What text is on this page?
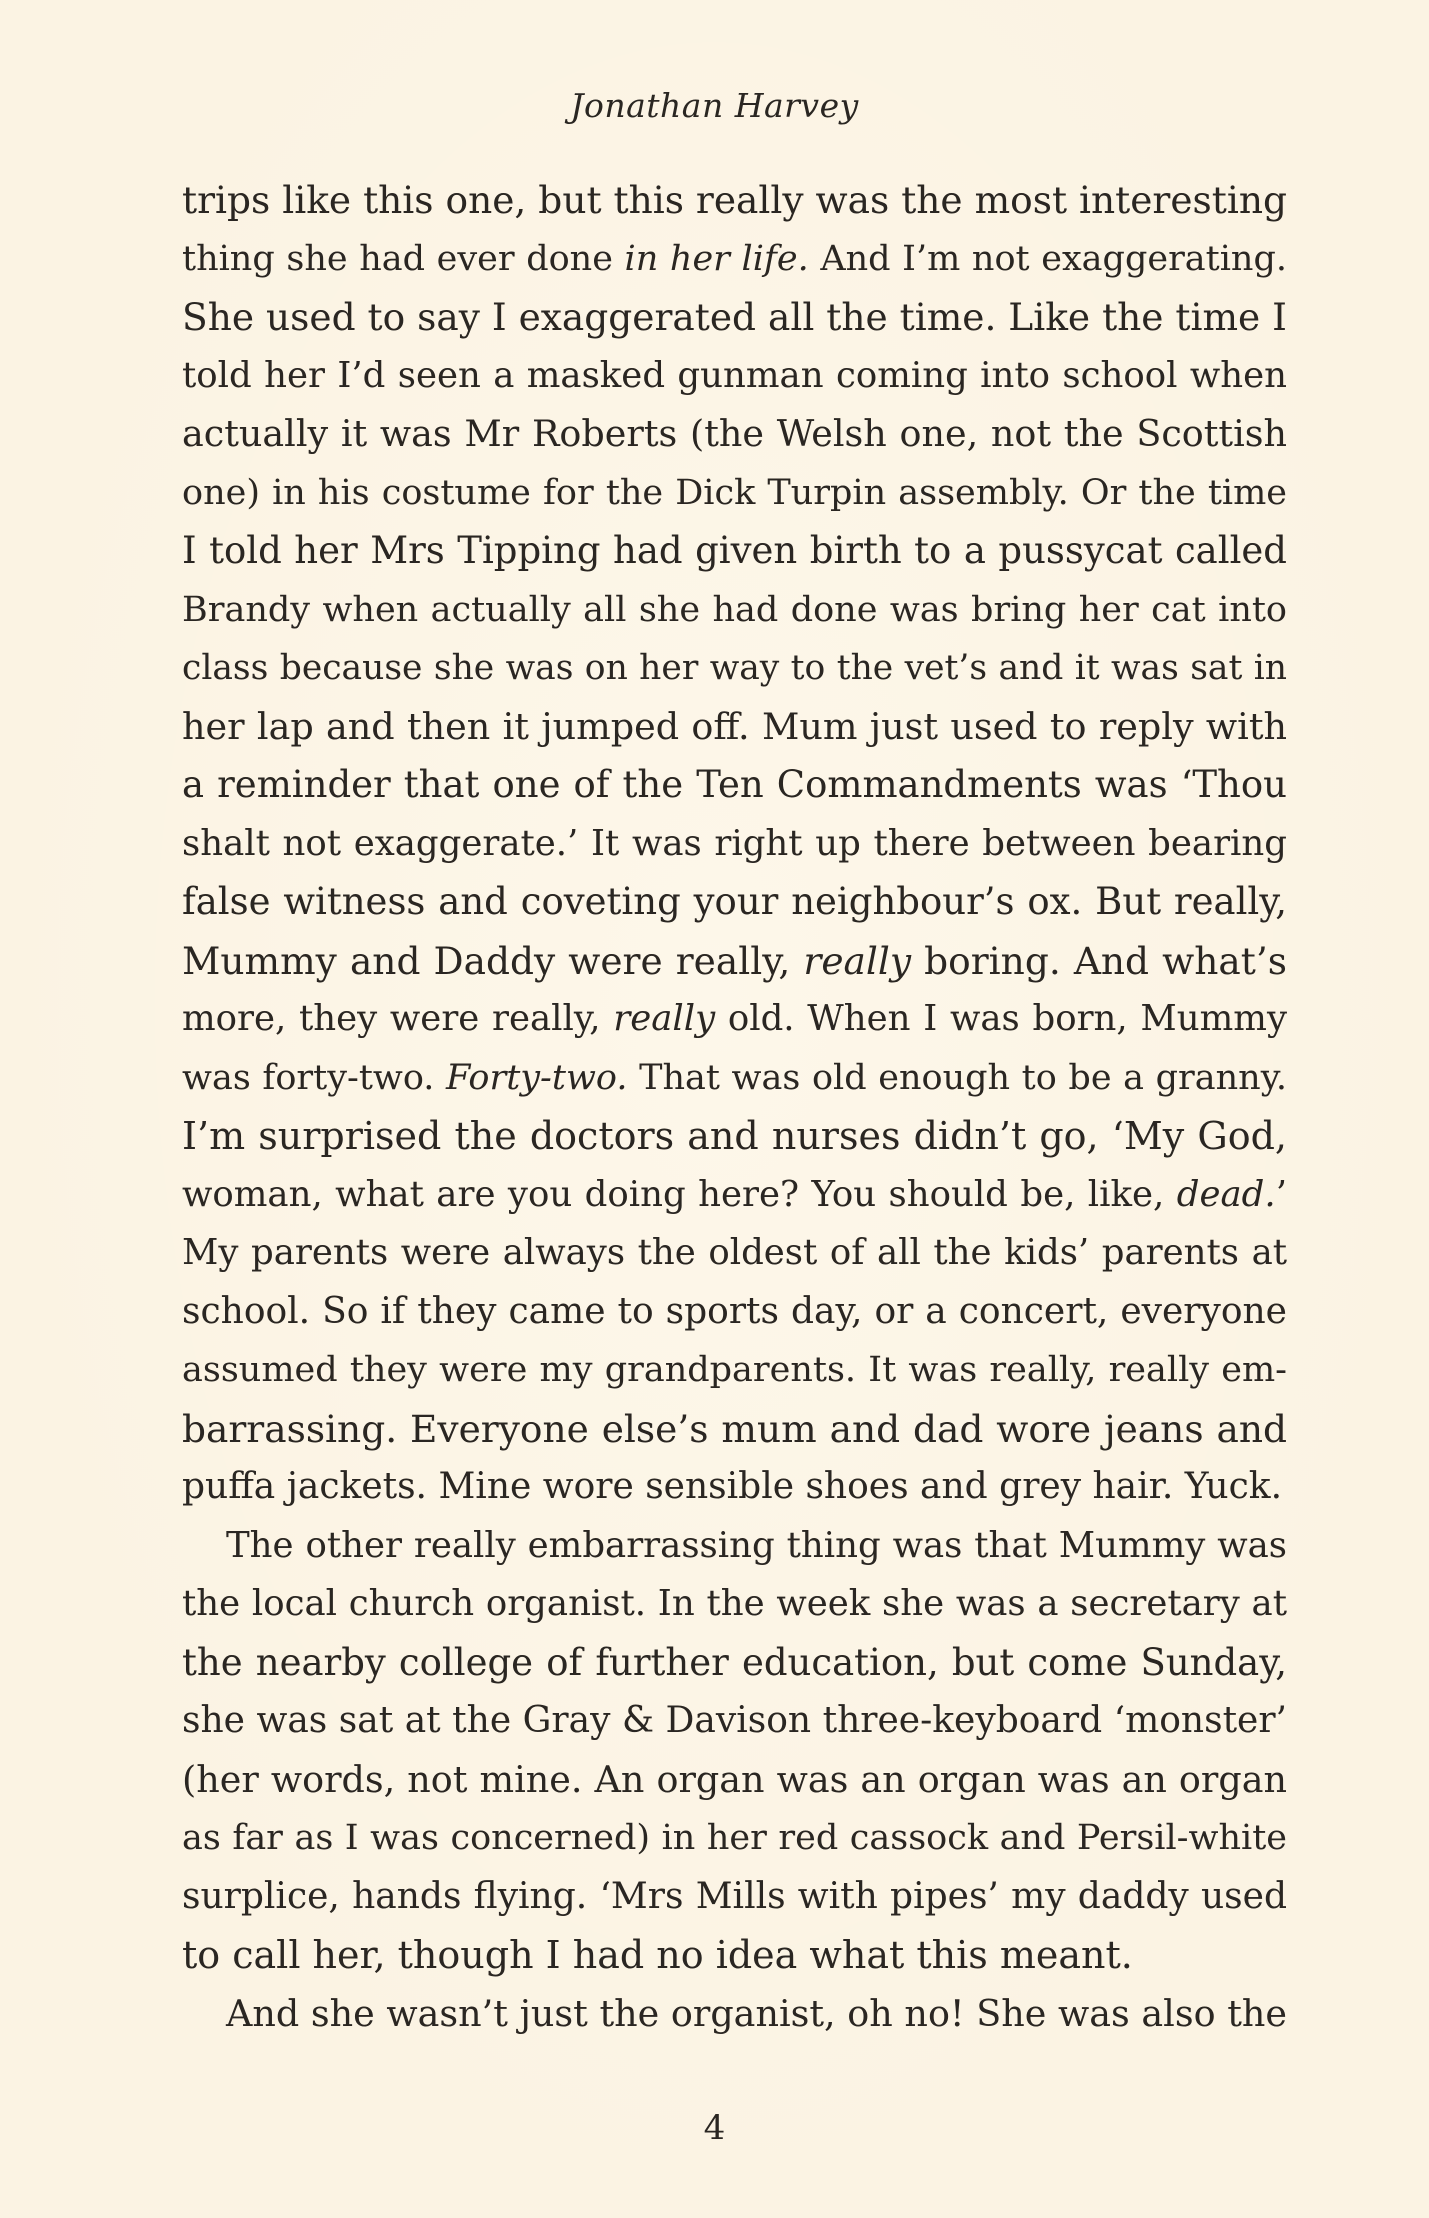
Jonathan Harvey
trips like this one, but this really was the most interesting
thing she had ever done in her life. And I’m not exaggerating.
She used to say I exaggerated all the time. Like the time I
told her I’d seen a masked gunman coming into school when
actually it was Mr Roberts (the Welsh one, not the Scottish
one) in his costume for the Dick Turpin assembly. Or the time
I told her Mrs Tipping had given birth to a pussycat called
Brandy when actually all she had done was bring her cat into
class because she was on her way to the vet’s and it was sat in
her lap and then it jumped off. Mum just used to reply with
a reminder that one of the Ten Commandments was ‘Thou
shalt not exaggerate.’ It was right up there between bearing
false witness and coveting your neighbour’s ox. But really,
Mummy and Daddy were really, really boring. And what’s
more, they were really, really old. When I was born, Mummy
was forty-two. Forty-two. That was old enough to be a granny.
I’m surprised the doctors and nurses didn’t go, ‘My God,
woman, what are you doing here? You should be, like, dead.’
My parents were always the oldest of all the kids’ parents at
school. So if they came to sports day, or a concert, everyone
assumed they were my grandparents. It was really, really em-
barrassing. Everyone else’s mum and dad wore jeans and
puffa jackets. Mine wore sensible shoes and grey hair. Yuck.
The other really embarrassing thing was that Mummy was
the local church organist. In the week she was a secretary at
the nearby college of further education, but come Sunday,
she was sat at the Gray & Davison three-keyboard ‘monster’
(her words, not mine. An organ was an organ was an organ
as far as I was concerned) in her red cassock and Persil-white
surplice, hands flying. ‘Mrs Mills with pipes’ my daddy used
to call her, though I had no idea what this meant.
And she wasn’t just the organist, oh no! She was also the
4
